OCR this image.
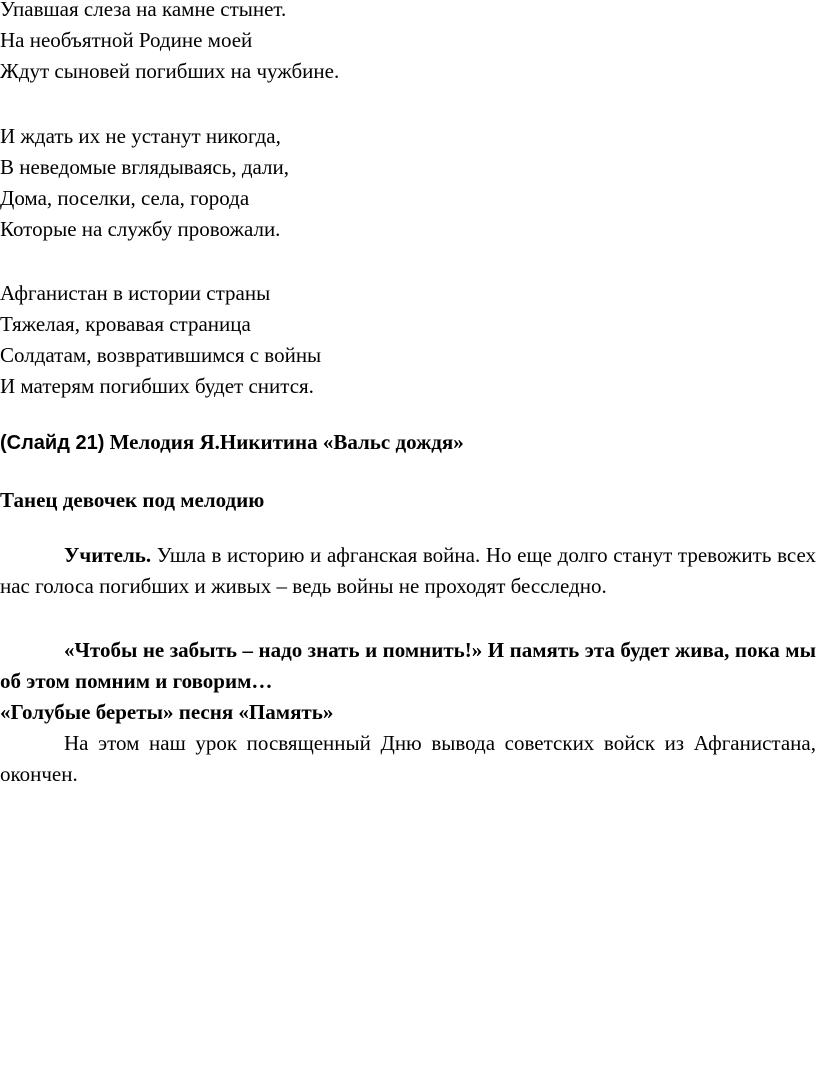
Упавшая слеза на камне стынет.
На необъятной Родине моей
Ждут сыновей погибших на чужбине.
И ждать их не устанут никогда,
В неведомые вглядываясь, дали,
Дома, поселки, села, города
Которые на службу провожали.
Афганистан в истории страны
Тяжелая, кровавая страница
Солдатам, возвратившимся с войны
И матерям погибших будет снится.
(Слайд 21) Мелодия Я.Никитина «Вальс дождя»
Танец девочек под мелодию
Учитель. Ушла в историю и афганская война. Но еще долго станут тревожить всех нас голоса погибших и живых – ведь войны не проходят бесследно.
«Чтобы не забыть – надо знать и помнить!» И память эта будет жива, пока мы об этом помним и говорим…
«Голубые береты» песня «Память»
На этом наш урок посвященный Дню вывода советских войск из Афганистана, окончен.
